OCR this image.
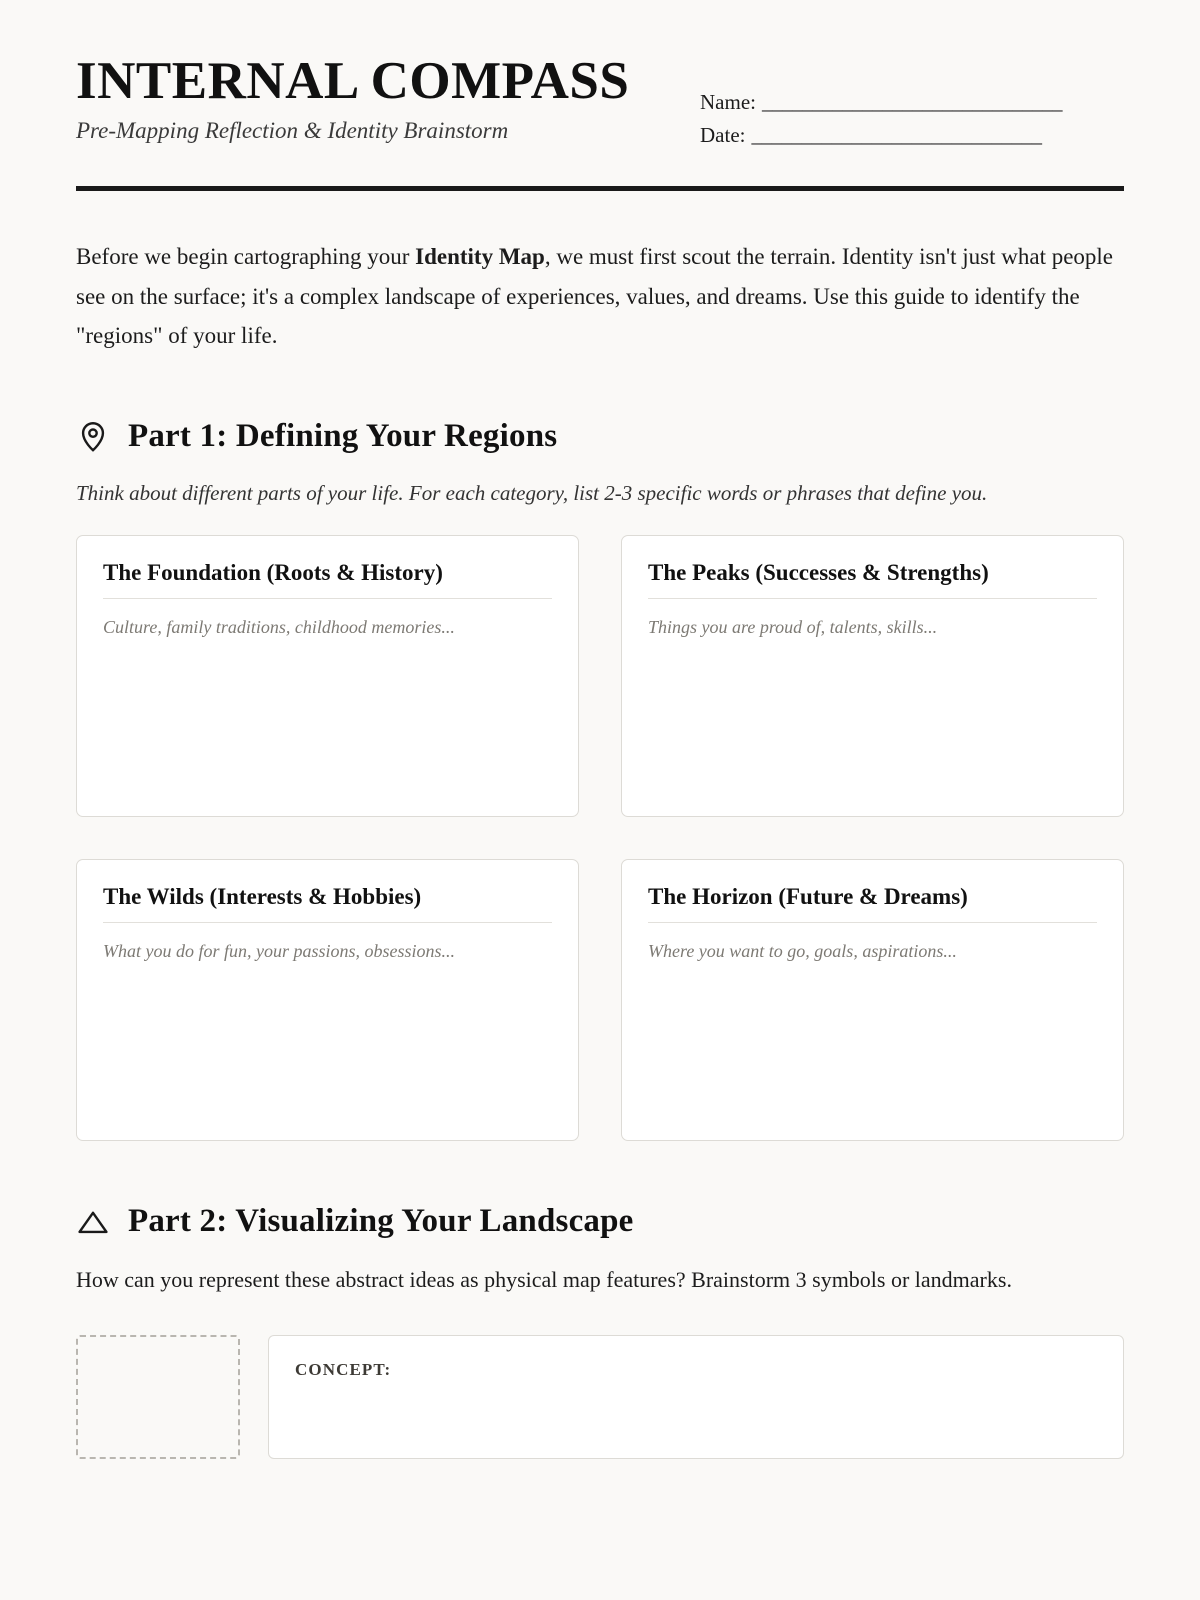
INTERNAL COMPASS
Pre-Mapping Reflection & Identity Brainstorm
Name: ______________________________
Date: _____________________________

Before we begin cartographing your Identity Map, we must first scout the terrain. Identity isn't just what people see on the surface; it's a complex landscape of experiences, values, and dreams. Use this guide to identify the "regions" of your life.

Part 1: Defining Your Regions
Think about different parts of your life. For each category, list 2-3 specific words or phrases that define you.
The Foundation (Roots & History)
Culture, family traditions, childhood memories...
The Peaks (Successes & Strengths)
Things you are proud of, talents, skills...
The Wilds (Interests & Hobbies)
What you do for fun, your passions, obsessions...
The Horizon (Future & Dreams)
Where you want to go, goals, aspirations...
Part 2: Visualizing Your Landscape
How can you represent these abstract ideas as physical map features? Brainstorm 3 symbols or landmarks.
CONCEPT:
